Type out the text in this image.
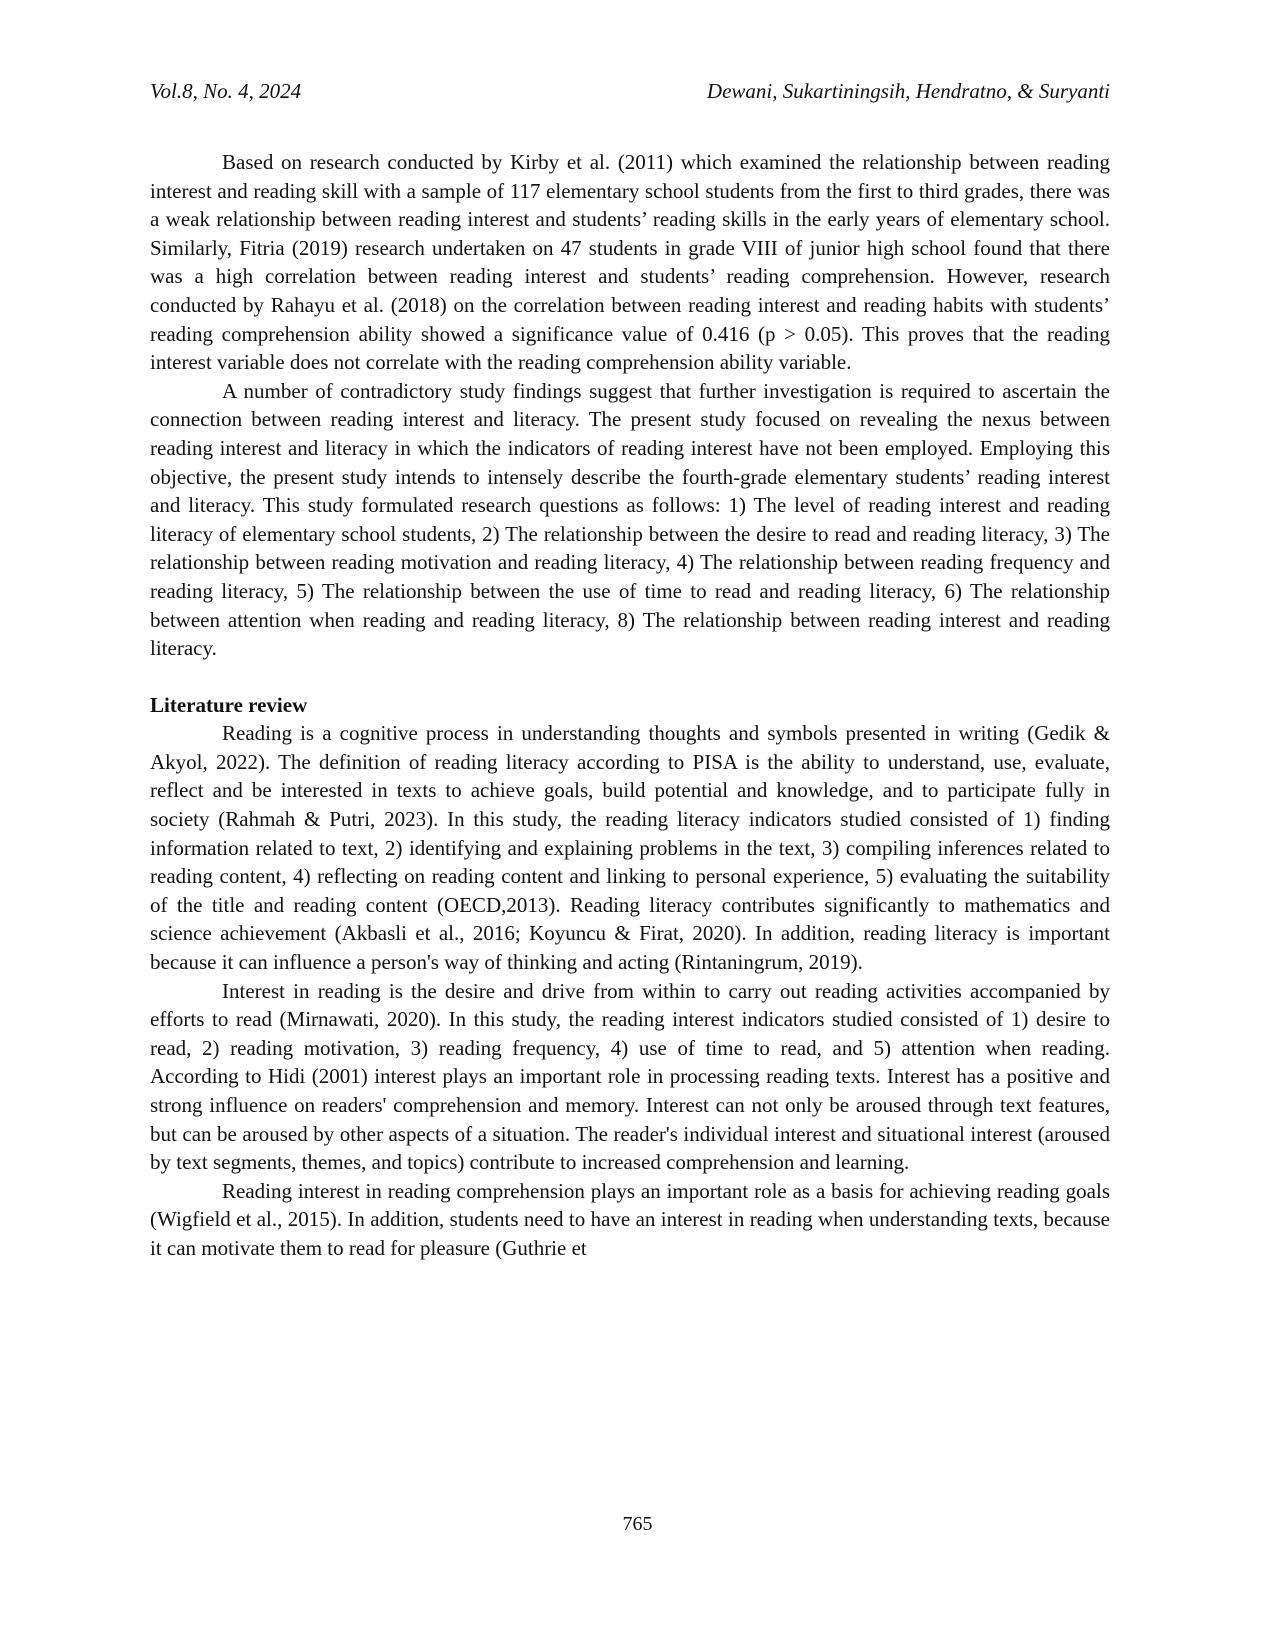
Vol.8, No. 4, 2024	Dewani, Sukartiningsih, Hendratno, & Suryanti

Based on research conducted by Kirby et al. (2011) which examined the relationship between reading interest and reading skill with a sample of 117 elementary school students from the first to third grades, there was a weak relationship between reading interest and students’ reading skills in the early years of elementary school. Similarly, Fitria (2019) research undertaken on 47 students in grade VIII of junior high school found that there was a high correlation between reading interest and students’ reading comprehension. However, research conducted by Rahayu et al. (2018) on the correlation between reading interest and reading habits with students’ reading comprehension ability showed a significance value of 0.416 (p > 0.05). This proves that the reading interest variable does not correlate with the reading comprehension ability variable.

A number of contradictory study findings suggest that further investigation is required to ascertain the connection between reading interest and literacy. The present study focused on revealing the nexus between reading interest and literacy in which the indicators of reading interest have not been employed. Employing this objective, the present study intends to intensely describe the fourth-grade elementary students’ reading interest and literacy. This study formulated research questions as follows: 1) The level of reading interest and reading literacy of elementary school students, 2) The relationship between the desire to read and reading literacy, 3) The relationship between reading motivation and reading literacy, 4) The relationship between reading frequency and reading literacy, 5) The relationship between the use of time to read and reading literacy, 6) The relationship between attention when reading and reading literacy, 8) The relationship between reading interest and reading literacy.

Literature review

Reading is a cognitive process in understanding thoughts and symbols presented in writing (Gedik & Akyol, 2022). The definition of reading literacy according to PISA is the ability to understand, use, evaluate, reflect and be interested in texts to achieve goals, build potential and knowledge, and to participate fully in society (Rahmah & Putri, 2023). In this study, the reading literacy indicators studied consisted of 1) finding information related to text, 2) identifying and explaining problems in the text, 3) compiling inferences related to reading content, 4) reflecting on reading content and linking to personal experience, 5) evaluating the suitability of the title and reading content (OECD,2013). Reading literacy contributes significantly to mathematics and science achievement (Akbasli et al., 2016; Koyuncu & Firat, 2020). In addition, reading literacy is important because it can influence a person's way of thinking and acting (Rintaningrum, 2019).

Interest in reading is the desire and drive from within to carry out reading activities accompanied by efforts to read (Mirnawati, 2020). In this study, the reading interest indicators studied consisted of 1) desire to read, 2) reading motivation, 3) reading frequency, 4) use of time to read, and 5) attention when reading. According to Hidi (2001) interest plays an important role in processing reading texts. Interest has a positive and strong influence on readers' comprehension and memory. Interest can not only be aroused through text features, but can be aroused by other aspects of a situation. The reader's individual interest and situational interest (aroused by text segments, themes, and topics) contribute to increased comprehension and learning.

Reading interest in reading comprehension plays an important role as a basis for achieving reading goals (Wigfield et al., 2015). In addition, students need to have an interest in reading when understanding texts, because it can motivate them to read for pleasure (Guthrie et

765
